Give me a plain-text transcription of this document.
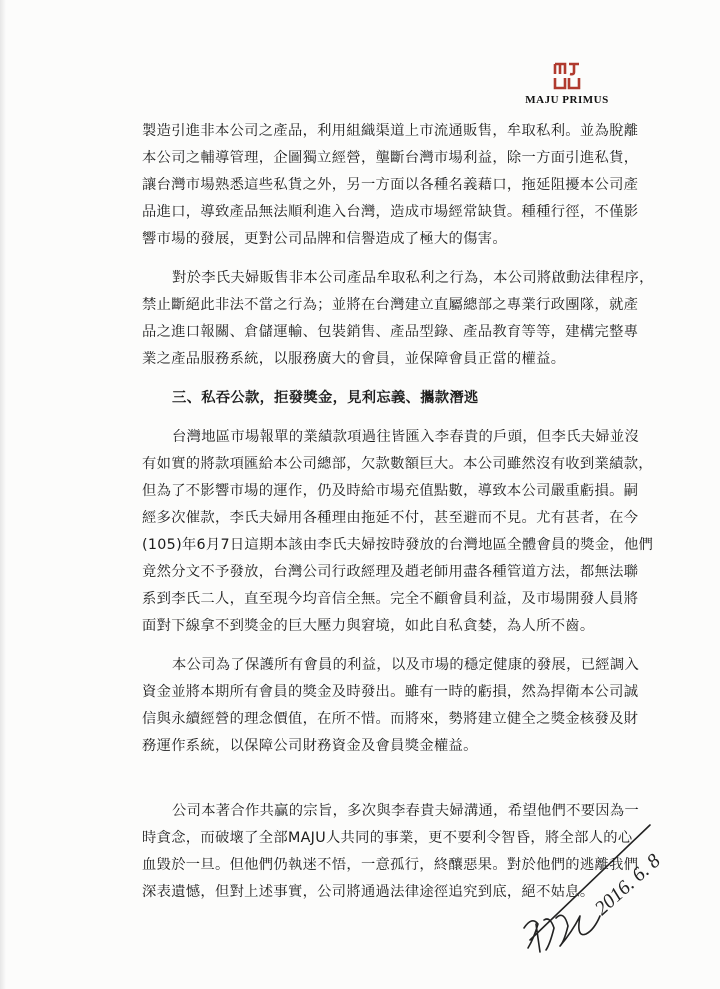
MAJU PRIMUS
製造引進非本公司之產品，利用組織渠道上市流通販售，牟取私利。並為脫離
本公司之輔導管理，企圖獨立經營，壟斷台灣市場利益，除一方面引進私貨，
讓台灣市場熟悉這些私貨之外，另一方面以各種名義藉口，拖延阻擾本公司產
品進口，導致產品無法順利進入台灣，造成市場經常缺貨。種種行徑，不僅影
響市場的發展，更對公司品牌和信譽造成了極大的傷害。
對於李氏夫婦販售非本公司產品牟取私利之行為，本公司將啟動法律程序，
禁止斷絕此非法不當之行為；並將在台灣建立直屬總部之專業行政團隊，就產
品之進口報關、倉儲運輸、包裝銷售、產品型錄、產品教育等等，建構完整專
業之產品服務系統，以服務廣大的會員，並保障會員正當的權益。
三、私吞公款，拒發獎金，見利忘義、攜款潛逃
台灣地區市場報單的業績款項過往皆匯入李春貴的戶頭，但李氏夫婦並沒
有如實的將款項匯給本公司總部，欠款數額巨大。本公司雖然沒有收到業績款，
但為了不影響市場的運作，仍及時給市場充值點數，導致本公司嚴重虧損。嗣
經多次催款，李氏夫婦用各種理由拖延不付，甚至避而不見。尤有甚者，在今
(105)年6月7日這期本該由李氏夫婦按時發放的台灣地區全體會員的獎金，他們
竟然分文不予發放，台灣公司行政經理及趙老師用盡各種管道方法，都無法聯
系到李氏二人，直至現今均音信全無。完全不顧會員利益，及市場開發人員將
面對下線拿不到獎金的巨大壓力與窘境，如此自私貪婪，為人所不齒。
本公司為了保護所有會員的利益，以及市場的穩定健康的發展，已經調入
資金並將本期所有會員的獎金及時發出。雖有一時的虧損，然為捍衛本公司誠
信與永續經營的理念價值，在所不惜。而將來，勢將建立健全之獎金核發及財
務運作系統，以保障公司財務資金及會員獎金權益。
公司本著合作共贏的宗旨，多次與李春貴夫婦溝通，希望他們不要因為一
時貪念，而破壞了全部MAJU人共同的事業，更不要利令智昏，將全部人的心
血毀於一旦。但他們仍執迷不悟，一意孤行，終釀惡果。對於他們的逃離我們
深表遺憾，但對上述事實，公司將通過法律途徑追究到底，絕不姑息。
2016. 6. 8
